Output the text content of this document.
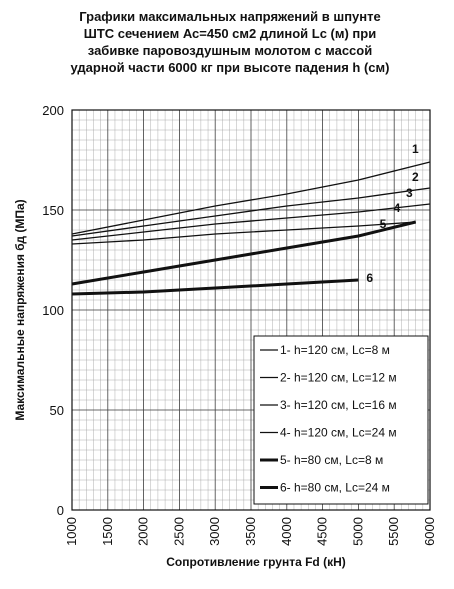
Графики максимальных напряжений в шпунте
ШТС сечением Ас=450 см2 длиной Lc (м) при
забивке паровоздушным молотом с массой
ударной части 6000 кг при высоте падения h (см)
0
50
100
150
200
1000 1500 2000 2500 3000 3500 4000 4500 5000 5500 6000
1
2
3
4
5
6
1- h=120 см, Lc=8 м
2- h=120 см, Lc=12 м
3- h=120 см, Lc=16 м
4- h=120 см, Lc=24 м
5- h=80 см, Lc=8 м
6- h=80 см, Lc=24 м
Максимальные напряжения бд (МПа)
Сопротивление грунта Fd (кН)
